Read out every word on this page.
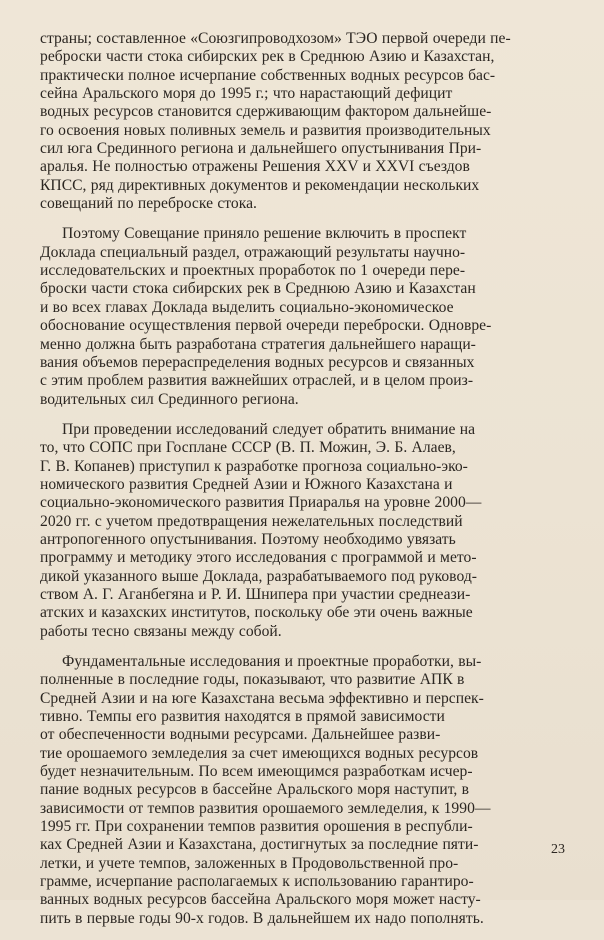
страны; составленное «Союзгипроводхозом» ТЭО первой очереди пе-
реброски части стока сибирских рек в Среднюю Азию и Казахстан,
практически полное исчерпание собственных водных ресурсов бас-
сейна Аральского моря до 1995 г.; что нарастающий дефицит
водных ресурсов становится сдерживающим фактором дальнейше-
го освоения новых поливных земель и развития производительных
сил юга Срединного региона и дальнейшего опустынивания При-
аралья. Не полностью отражены Решения XXV и XXVI съездов
КПСС, ряд директивных документов и рекомендации нескольких
совещаний по переброске стока.

Поэтому Совещание приняло решение включить в проспект
Доклада специальный раздел, отражающий результаты научно-
исследовательских и проектных проработок по 1 очереди пере-
броски части стока сибирских рек в Среднюю Азию и Казахстан
и во всех главах Доклада выделить социально-экономическое
обоснование осуществления первой очереди переброски. Одновре-
менно должна быть разработана стратегия дальнейшего наращи-
вания объемов перераспределения водных ресурсов и связанных
с этим проблем развития важнейших отраслей, и в целом произ-
водительных сил Срединного региона.

При проведении исследований следует обратить внимание на
то, что СОПС при Госплане СССР (В. П. Можин, Э. Б. Алаев,
Г. В. Копанев) приступил к разработке прогноза социально-эко-
номического развития Средней Азии и Южного Казахстана и
социально-экономического развития Приаралья на уровне 2000—
2020 гг. с учетом предотвращения нежелательных последствий
антропогенного опустынивания. Поэтому необходимо увязать
программу и методику этого исследования с программой и мето-
дикой указанного выше Доклада, разрабатываемого под руковод-
ством А. Г. Аганбегяна и Р. И. Шнипера при участии среднеази-
атских и казахских институтов, поскольку обе эти очень важные
работы тесно связаны между собой.

Фундаментальные исследования и проектные проработки, вы-
полненные в последние годы, показывают, что развитие АПК в
Средней Азии и на юге Казахстана весьма эффективно и перспек-
тивно. Темпы его развития находятся в прямой зависимости
от обеспеченности водными ресурсами. Дальнейшее разви-
тие орошаемого земледелия за счет имеющихся водных ресурсов
будет незначительным. По всем имеющимся разработкам исчер-
пание водных ресурсов в бассейне Аральского моря наступит, в
зависимости от темпов развития орошаемого земледелия, к 1990—
1995 гг. При сохранении темпов развития орошения в республи-
ках Средней Азии и Казахстана, достигнутых за последние пяти-
летки, и учете темпов, заложенных в Продовольственной про-
грамме, исчерпание располагаемых к использованию гарантиро-
ванных водных ресурсов бассейна Аральского моря может насту-
пить в первые годы 90-х годов. В дальнейшем их надо пополнять.

23
